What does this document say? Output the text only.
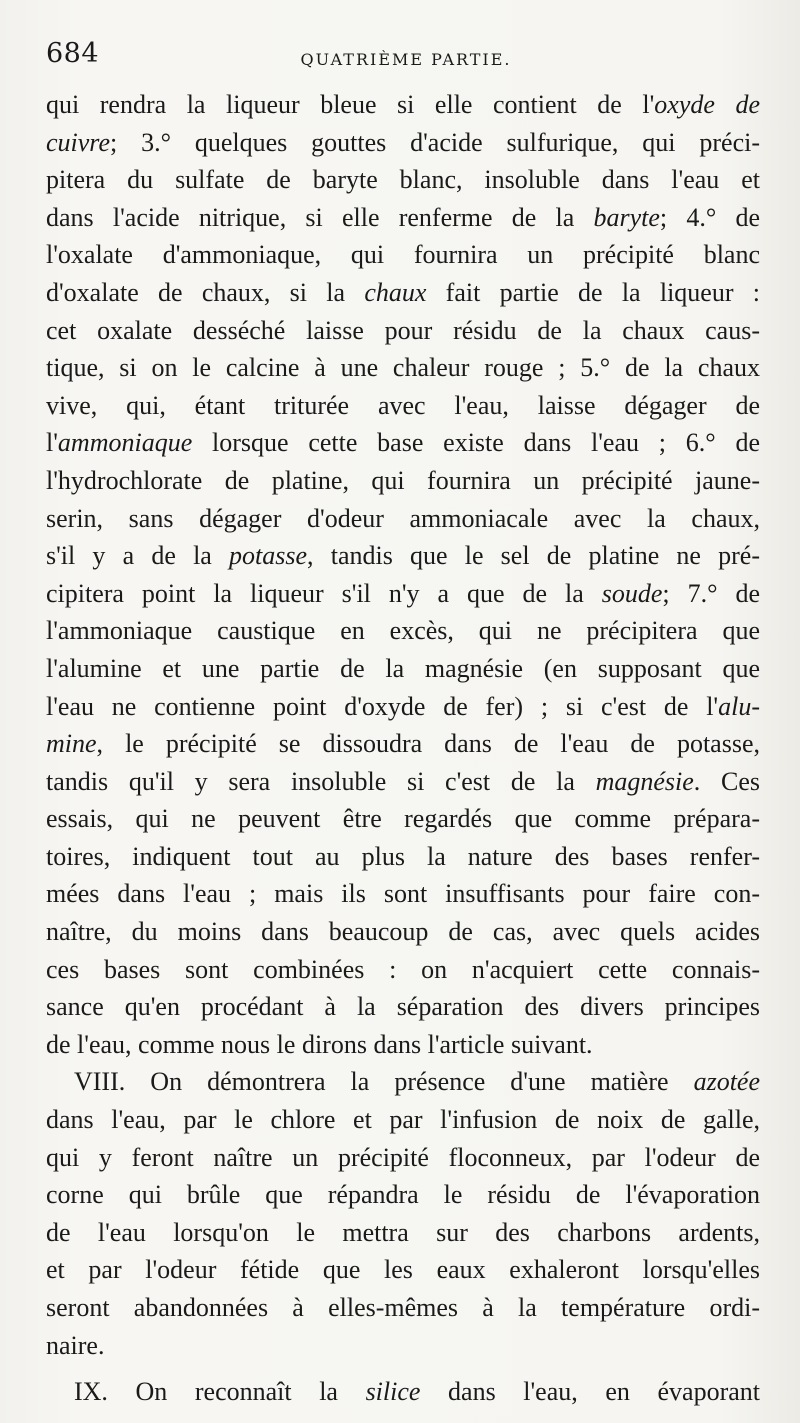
684	QUATRIÈME PARTIE.
qui rendra la liqueur bleue si elle contient de l'oxyde de
cuivre; 3.° quelques gouttes d'acide sulfurique, qui préci-
pitera du sulfate de baryte blanc, insoluble dans l'eau et
dans l'acide nitrique, si elle renferme de la baryte; 4.° de
l'oxalate d'ammoniaque, qui fournira un précipité blanc
d'oxalate de chaux, si la chaux fait partie de la liqueur :
cet oxalate desséché laisse pour résidu de la chaux caus-
tique, si on le calcine à une chaleur rouge ; 5.° de la chaux
vive, qui, étant triturée avec l'eau, laisse dégager de
l'ammoniaque lorsque cette base existe dans l'eau ; 6.° de
l'hydrochlorate de platine, qui fournira un précipité jaune-
serin, sans dégager d'odeur ammoniacale avec la chaux,
s'il y a de la potasse, tandis que le sel de platine ne pré-
cipitera point la liqueur s'il n'y a que de la soude; 7.° de
l'ammoniaque caustique en excès, qui ne précipitera que
l'alumine et une partie de la magnésie (en supposant que
l'eau ne contienne point d'oxyde de fer) ; si c'est de l'alu-
mine, le précipité se dissoudra dans de l'eau de potasse,
tandis qu'il y sera insoluble si c'est de la magnésie. Ces
essais, qui ne peuvent être regardés que comme prépara-
toires, indiquent tout au plus la nature des bases renfer-
mées dans l'eau ; mais ils sont insuffisants pour faire con-
naître, du moins dans beaucoup de cas, avec quels acides
ces bases sont combinées : on n'acquiert cette connais-
sance qu'en procédant à la séparation des divers principes
de l'eau, comme nous le dirons dans l'article suivant.
VIII. On démontrera la présence d'une matière azotée
dans l'eau, par le chlore et par l'infusion de noix de galle,
qui y feront naître un précipité floconneux, par l'odeur de
corne qui brûle que répandra le résidu de l'évaporation
de l'eau lorsqu'on le mettra sur des charbons ardents,
et par l'odeur fétide que les eaux exhaleront lorsqu'elles
seront abandonnées à elles-mêmes à la température ordi-
naire.
IX. On reconnaît la silice dans l'eau, en évaporant
